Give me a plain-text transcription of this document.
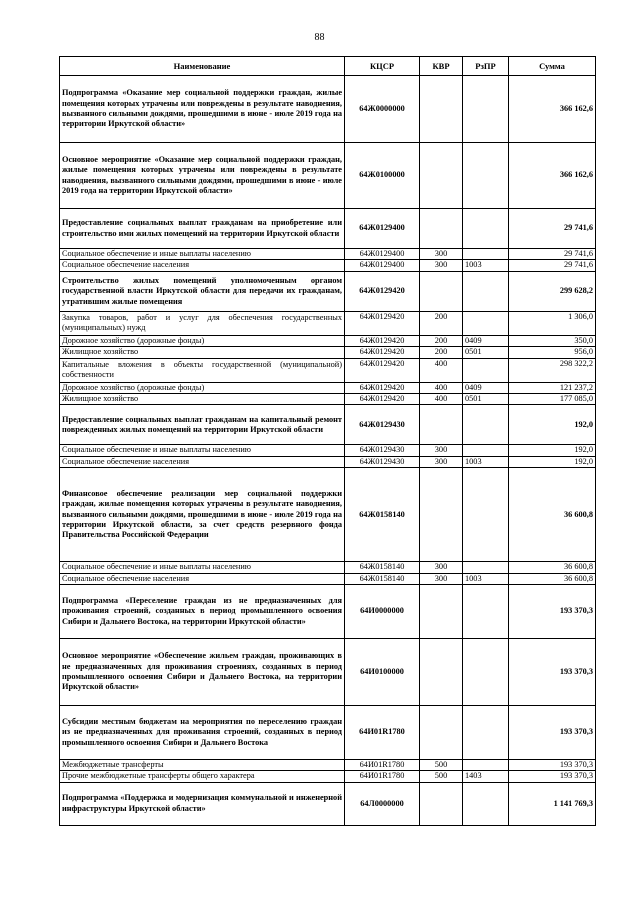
88
Наименование	КЦСР	КВР	РзПР	Сумма
Подпрограмма «Оказание мер социальной поддержки граждан, жилые помещения которых утрачены или повреждены в результате наводнения, вызванного сильными дождями, прошедшими в июне - июле 2019 года на территории Иркутской области»	64Ж0000000			366 162,6
Основное мероприятие «Оказание мер социальной поддержки граждан, жилые помещения которых утрачены или повреждены в результате наводнения, вызванного сильными дождями, прошедшими в июне - июле 2019 года на территории Иркутской области»	64Ж0100000			366 162,6
Предоставление социальных выплат гражданам на приобретение или строительство ими жилых помещений на территории Иркутской области	64Ж0129400			29 741,6
Социальное обеспечение и иные выплаты населению	64Ж0129400	300		29 741,6
Социальное обеспечение населения	64Ж0129400	300	1003	29 741,6
Строительство жилых помещений уполномоченным органом государственной власти Иркутской области для передачи их гражданам, утратившим жилые помещения	64Ж0129420			299 628,2
Закупка товаров, работ и услуг для обеспечения государственных (муниципальных) нужд	64Ж0129420	200		1 306,0
Дорожное хозяйство (дорожные фонды)	64Ж0129420	200	0409	350,0
Жилищное хозяйство	64Ж0129420	200	0501	956,0
Капитальные вложения в объекты государственной (муниципальной) собственности	64Ж0129420	400		298 322,2
Дорожное хозяйство (дорожные фонды)	64Ж0129420	400	0409	121 237,2
Жилищное хозяйство	64Ж0129420	400	0501	177 085,0
Предоставление социальных выплат гражданам на капитальный ремонт поврежденных жилых помещений на территории Иркутской области	64Ж0129430			192,0
Социальное обеспечение и иные выплаты населению	64Ж0129430	300		192,0
Социальное обеспечение населения	64Ж0129430	300	1003	192,0
Финансовое обеспечение реализации мер социальной поддержки граждан, жилые помещения которых утрачены в результате наводнения, вызванного сильными дождями, прошедшими в июне - июле 2019 года на территории Иркутской области, за счет средств резервного фонда Правительства Российской Федерации	64Ж0158140			36 600,8
Социальное обеспечение и иные выплаты населению	64Ж0158140	300		36 600,8
Социальное обеспечение населения	64Ж0158140	300	1003	36 600,8
Подпрограмма «Переселение граждан из не предназначенных для проживания строений, созданных в период промышленного освоения Сибири и Дальнего Востока, на территории Иркутской области»	64И0000000			193 370,3
Основное мероприятие «Обеспечение жильем граждан, проживающих в не предназначенных для проживания строениях, созданных в период промышленного освоения Сибири и Дальнего Востока, на территории Иркутской области»	64И0100000			193 370,3
Субсидии местным бюджетам на мероприятия по переселению граждан из не предназначенных для проживания строений, созданных в период промышленного освоения Сибири и Дальнего Востока	64И01R1780			193 370,3
Межбюджетные трансферты	64И01R1780	500		193 370,3
Прочие межбюджетные трансферты общего характера	64И01R1780	500	1403	193 370,3
Подпрограмма «Поддержка и модернизация коммунальной и инженерной инфраструктуры Иркутской области»	64Л0000000			1 141 769,3
